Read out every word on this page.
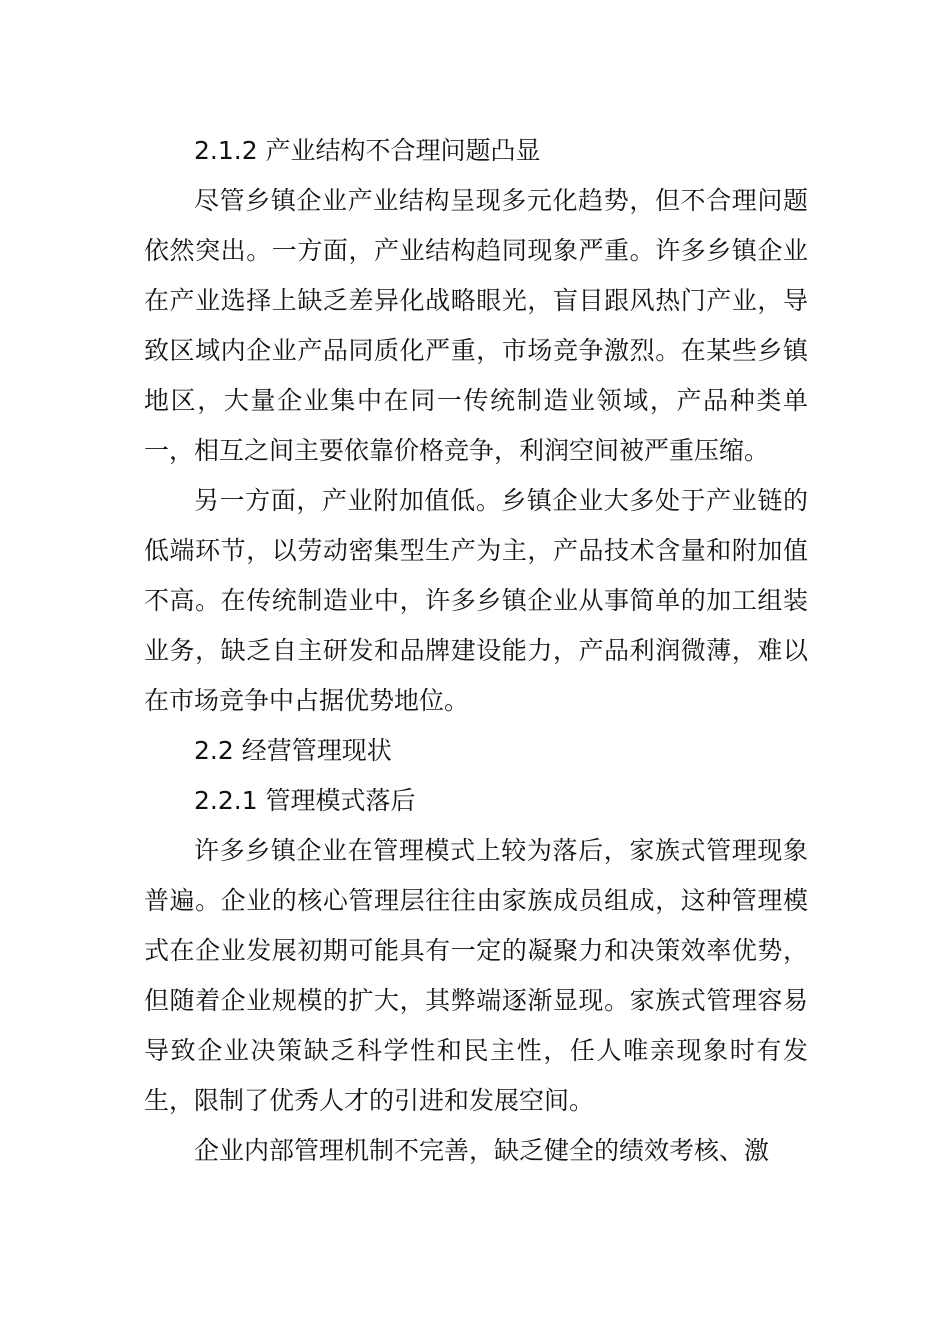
2.1.2 产业结构不合理问题凸显

尽管乡镇企业产业结构呈现多元化趋势，但不合理问题依然突出。一方面，产业结构趋同现象严重。许多乡镇企业在产业选择上缺乏差异化战略眼光，盲目跟风热门产业，导致区域内企业产品同质化严重，市场竞争激烈。在某些乡镇地区，大量企业集中在同一传统制造业领域，产品种类单一，相互之间主要依靠价格竞争，利润空间被严重压缩。

另一方面，产业附加值低。乡镇企业大多处于产业链的低端环节，以劳动密集型生产为主，产品技术含量和附加值不高。在传统制造业中，许多乡镇企业从事简单的加工组装业务，缺乏自主研发和品牌建设能力，产品利润微薄，难以在市场竞争中占据优势地位。

2.2 经营管理现状

2.2.1 管理模式落后

许多乡镇企业在管理模式上较为落后，家族式管理现象普遍。企业的核心管理层往往由家族成员组成，这种管理模式在企业发展初期可能具有一定的凝聚力和决策效率优势，但随着企业规模的扩大，其弊端逐渐显现。家族式管理容易导致企业决策缺乏科学性和民主性，任人唯亲现象时有发生，限制了优秀人才的引进和发展空间。

企业内部管理机制不完善，缺乏健全的绩效考核、激
